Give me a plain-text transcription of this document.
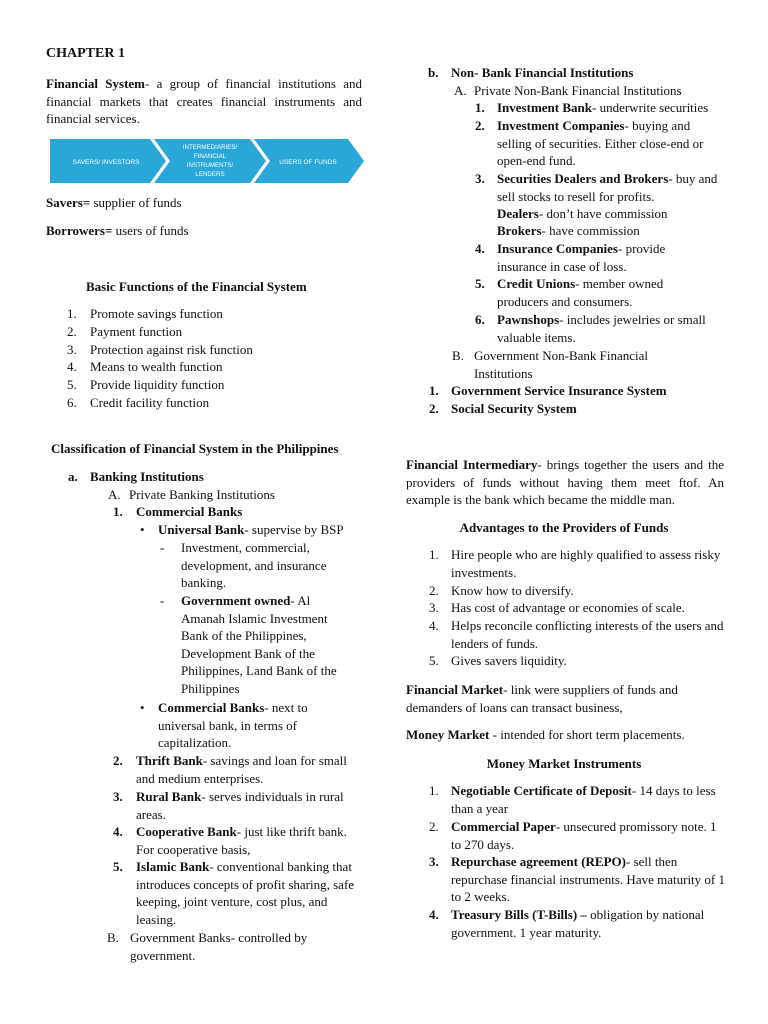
CHAPTER 1
Financial System- a group of financial institutions and financial markets that creates financial instruments and financial services.
SAVERS/ INVESTORS
INTERMEDIARIES/
FINANCIAL
INSTRUMENTS/
LENDERS
USERS OF FUNDS
Savers= supplier of funds
Borrowers= users of funds
Basic Functions of the Financial System
1. Promote savings function
2. Payment function
3. Protection against risk function
4. Means to wealth function
5. Provide liquidity function
6. Credit facility function
Classification of Financial System in the Philippines
a. Banking Institutions
A. Private Banking Institutions
1. Commercial Banks
• Universal Bank- supervise by BSP
- Investment, commercial, development, and insurance banking.
- Government owned- Al Amanah Islamic Investment Bank of the Philippines, Development Bank of the Philippines, Land Bank of the Philippines
• Commercial Banks- next to universal bank, in terms of capitalization.
2. Thrift Bank- savings and loan for small and medium enterprises.
3. Rural Bank- serves individuals in rural areas.
4. Cooperative Bank- just like thrift bank. For cooperative basis,
5. Islamic Bank- conventional banking that introduces concepts of profit sharing, safe keeping, joint venture, cost plus, and leasing.
B. Government Banks- controlled by government.
b. Non- Bank Financial Institutions
A. Private Non-Bank Financial Institutions
1. Investment Bank- underwrite securities
2. Investment Companies- buying and selling of securities. Either close-end or open-end fund.
3. Securities Dealers and Brokers- buy and sell stocks to resell for profits.
Dealers- don’t have commission
Brokers- have commission
4. Insurance Companies- provide insurance in case of loss.
5. Credit Unions- member owned producers and consumers.
6. Pawnshops- includes jewelries or small valuable items.
B. Government Non-Bank Financial Institutions
1. Government Service Insurance System
2. Social Security System
Financial Intermediary- brings together the users and the providers of funds without having them meet ftof. An example is the bank which became the middle man.
Advantages to the Providers of Funds
1. Hire people who are highly qualified to assess risky investments.
2. Know how to diversify.
3. Has cost of advantage or economies of scale.
4. Helps reconcile conflicting interests of the users and lenders of funds.
5. Gives savers liquidity.
Financial Market- link were suppliers of funds and demanders of loans can transact business,
Money Market - intended for short term placements.
Money Market Instruments
1. Negotiable Certificate of Deposit- 14 days to less than a year
2. Commercial Paper- unsecured promissory note. 1 to 270 days.
3. Repurchase agreement (REPO)- sell then repurchase financial instruments. Have maturity of 1 to 2 weeks.
4. Treasury Bills (T-Bills) – obligation by national government. 1 year maturity.
